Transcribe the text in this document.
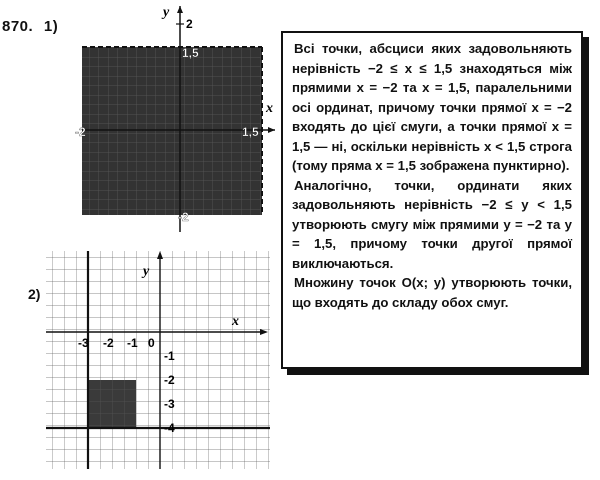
870. 1)
y
x
2
1,5
-2	1,5
-2
2)
y
x
-3 -2 -1 0
-1
-2
-3
-4

Всі точки, абсциси яких задовольняють нерівність −2 ≤ x ≤ 1,5 знаходяться між прямими x = −2 та x = 1,5, паралельними осі ординат, причому точки прямої x = −2 входять до цієї смуги, а точки прямої x = 1,5 — ні, оскільки нерівність x < 1,5 строга (тому пряма x = 1,5 зображена пунктирно).

Аналогічно, точки, ординати яких задовольняють нерівність −2 ≤ y < 1,5 утворюють смугу між прямими y = −2 та y = 1,5, причому точки другої прямої виключаються.

Множину точок O(x; y) утворюють точки, що входять до складу обох смуг.
